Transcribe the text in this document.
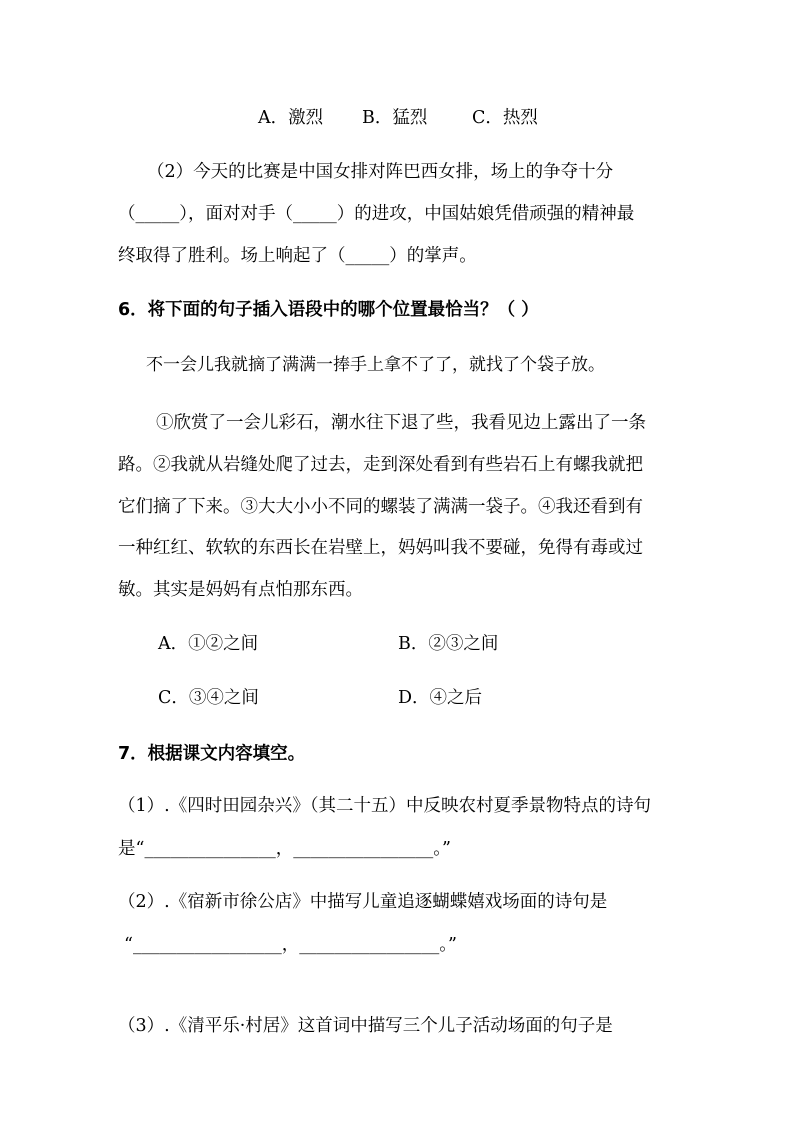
A．激烈 B．猛烈	C．热烈
（2）今天的比赛是中国女排对阵巴西女排，场上的争夺十分
（_____），面对对手（_____）的进攻，中国姑娘凭借顽强的精神最
终取得了胜利。场上响起了（_____）的掌声。
6．将下面的句子插入语段中的哪个位置最恰当？（ ）
不一会儿我就摘了满满一捧手上拿不了了，就找了个袋子放。
①欣赏了一会儿彩石，潮水往下退了些，我看见边上露出了一条
路。②我就从岩缝处爬了过去，走到深处看到有些岩石上有螺我就把
它们摘了下来。③大大小小不同的螺装了满满一袋子。④我还看到有
一种红红、软软的东西长在岩壁上，妈妈叫我不要碰，免得有毒或过
敏。其实是妈妈有点怕那东西。
A．①②之间	B．②③之间
C．③④之间	D．④之后
7．根据课文内容填空。
（1）.《四时田园杂兴》（其二十五）中反映农村夏季景物特点的诗句
是“_______________，________________。”
（2）.《宿新市徐公店》中描写儿童追逐蝴蝶嬉戏场面的诗句是
“_________________，________________。”
（3）.《清平乐·村居》这首词中描写三个儿子活动场面的句子是
